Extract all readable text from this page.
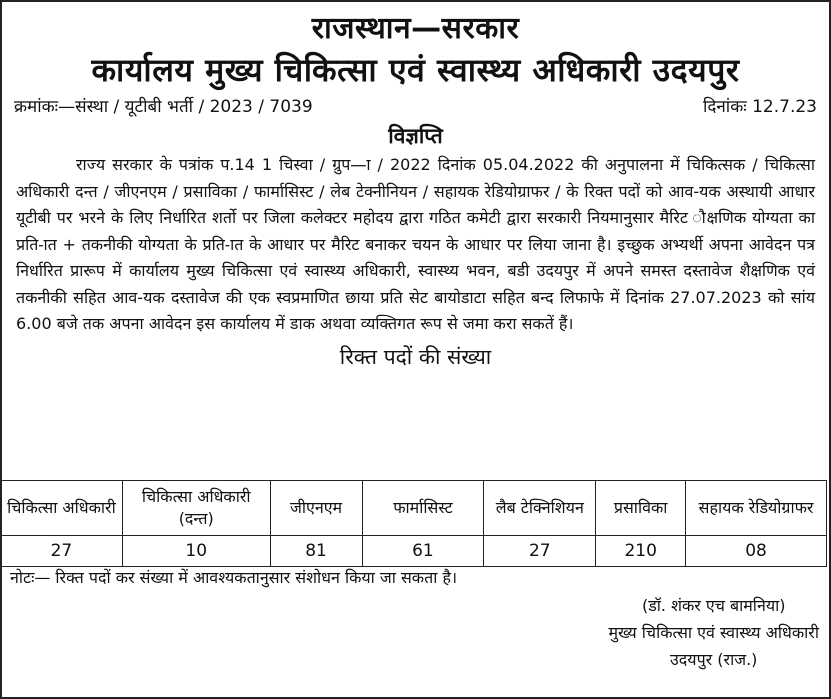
राजस्थान—सरकार
कार्यालय मुख्य चिकित्सा एवं स्वास्थ्य अधिकारी उदयपुर
क्रमांकः—संस्था / यूटीबी भर्ती / 2023 / 7039	दिनांकः 12.7.23
विज्ञप्ति
राज्य सरकार के पत्रांक प.14 1 चिस्वा / ग्रुप—ा / 2022 दिनांक 05.04.2022 की अनुपालना में चिकित्सक / चिकित्सा अधिकारी दन्त / जीएनएम / प्रसाविका / फार्मासिस्ट / लेब टेक्नीनियन / सहायक रेडियोग्राफर / के रिक्त पदों को आव-यक अस्थायी आधार यूटीबी पर भरने के लिए निर्धारित शर्तो पर जिला कलेक्टर महोदय द्वारा गठित कमेटी द्वारा सरकारी नियमानुसार मैरिट ौक्षणिक योग्यता का प्रति-ात + तकनीकी योग्यता के प्रति-ात के आधार पर मैरिट बनाकर चयन के आधार पर लिया जाना है। इच्छुक अभ्यर्थी अपना आवेदन पत्र निर्धारित प्रारूप में कार्यालय मुख्य चिकित्सा एवं स्वास्थ्य अधिकारी, स्वास्थ्य भवन, बडी उदयपुर में अपने समस्त दस्तावेज शैक्षणिक एवं तकनीकी सहित आव-यक दस्तावेज की एक स्वप्रमाणित छाया प्रति सेट बायोडाटा सहित बन्द लिफाफे में दिनांक 27.07.2023 को सांय 6.00 बजे तक अपना आवेदन इस कार्यालय में डाक अथवा व्यक्तिगत रूप से जमा करा सकतें हैं।
रिक्त पदों की संख्या
चिकित्सा अधिकारी	चिकित्सा अधिकारी (दन्त)	जीएनएम	फार्मासिस्ट	लैब टेक्निशियन	प्रसाविका	सहायक रेडियोग्राफर
27	10	81	61	27	210	08
नोटः— रिक्त पदों कर संख्या में आवश्यकतानुसार संशोधन किया जा सकता है।
(डॉ. शंकर एच बामनिया)
मुख्य चिकित्सा एवं स्वास्थ्य अधिकारी
उदयपुर (राज.)
